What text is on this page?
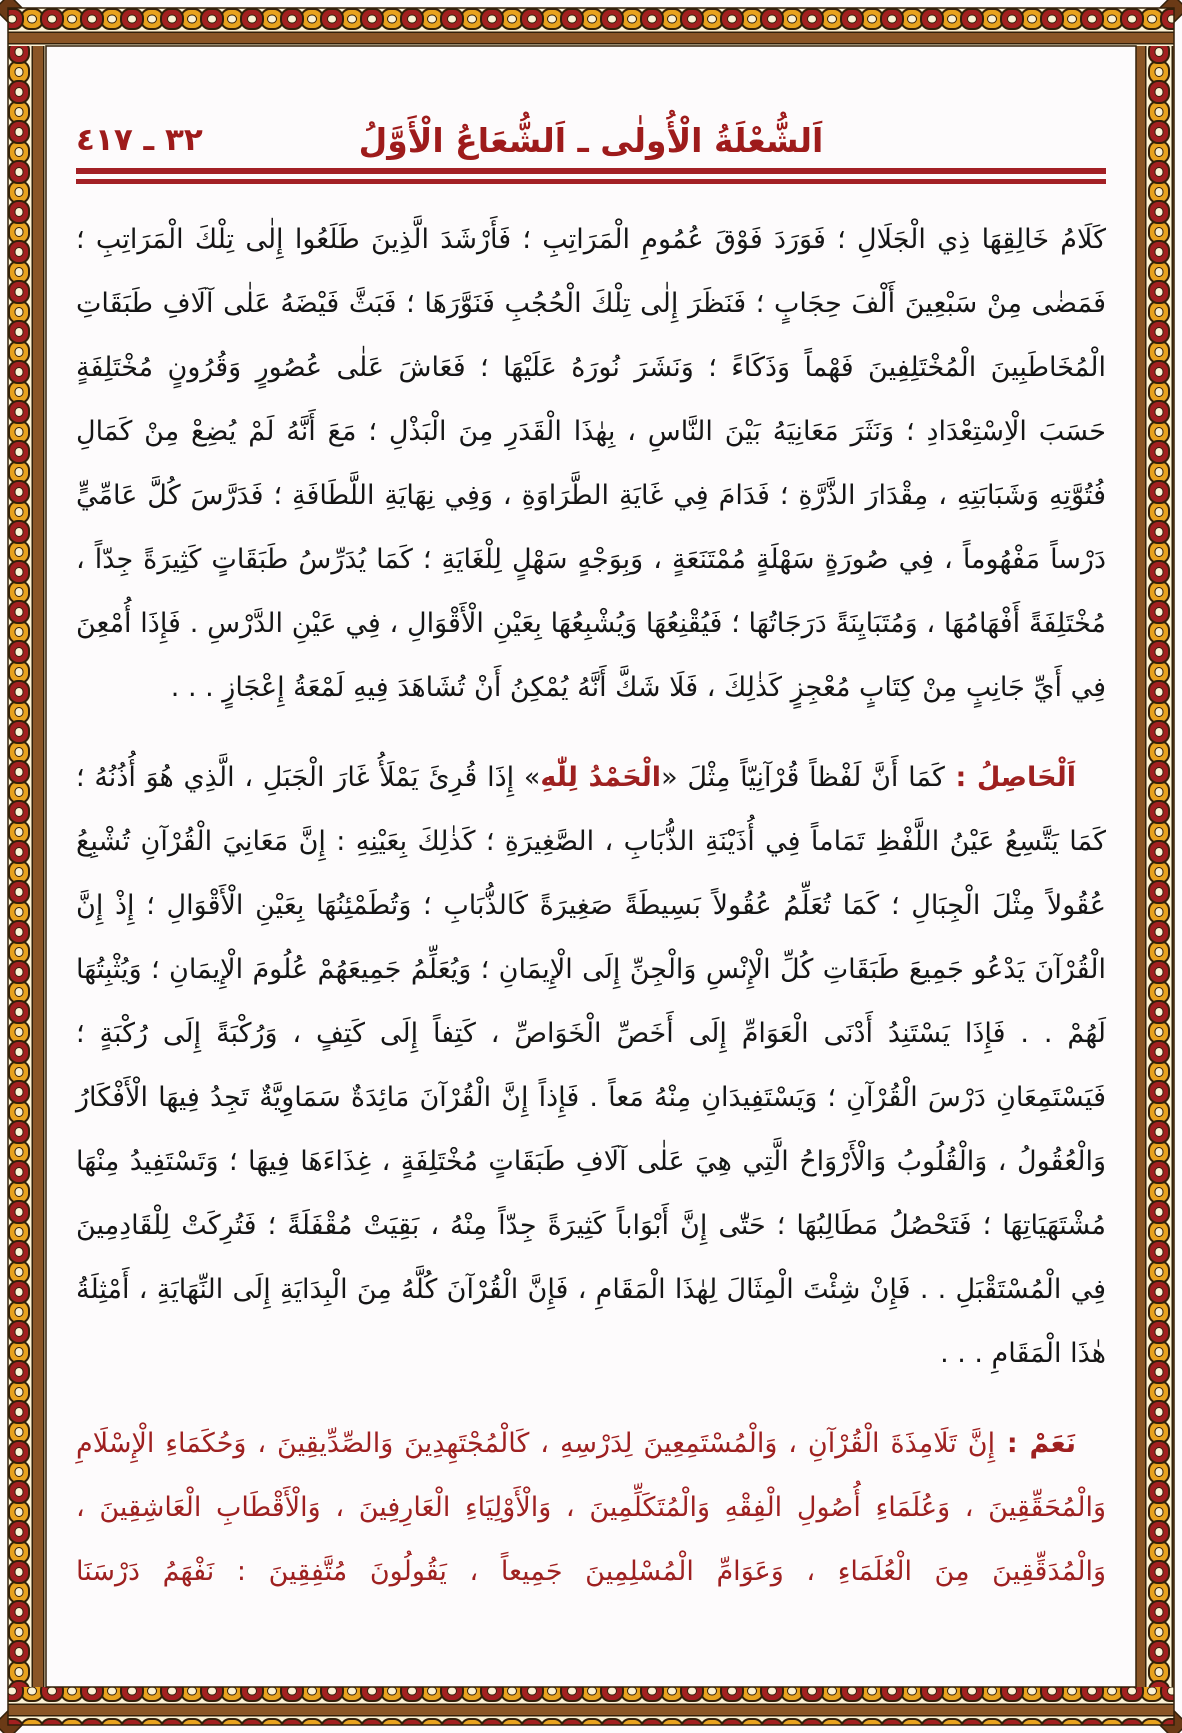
٣٢ ـ ٤١٧	اَلشُّعْلَةُ الْأُولٰى ـ اَلشُّعَاعُ الْأَوَّلُ

كَلَامُ خَالِقِهَا ذِي الْجَلَالِ ؛ فَوَرَدَ فَوْقَ عُمُومِ الْمَرَاتِبِ ؛ فَأَرْشَدَ الَّذِينَ طَلَعُوا إِلٰى تِلْكَ الْمَرَاتِبِ ؛ فَمَضٰى مِنْ سَبْعِينَ أَلْفَ حِجَابٍ ؛ فَنَظَرَ إِلٰى تِلْكَ الْحُجُبِ فَنَوَّرَهَا ؛ فَبَثَّ فَيْضَهُ عَلٰى آلَافِ طَبَقَاتِ الْمُخَاطَبِينَ الْمُخْتَلِفِينَ فَهْماً وَذَكَاءً ؛ وَنَشَرَ نُورَهُ عَلَيْهَا ؛ فَعَاشَ عَلٰى عُصُورٍ وَقُرُونٍ مُخْتَلِفَةٍ حَسَبَ الْاِسْتِعْدَادِ ؛ وَنَثَرَ مَعَانِيَهُ بَيْنَ النَّاسِ ، بِهٰذَا الْقَدَرِ مِنَ الْبَذْلِ ؛ مَعَ أَنَّهُ لَمْ يُضِعْ مِنْ كَمَالِ فُتُوَّتِهِ وَشَبَابَتِهِ ، مِقْدَارَ الذَّرَّةِ ؛ فَدَامَ فِي غَايَةِ الطَّرَاوَةِ ، وَفِي نِهَايَةِ اللَّطَافَةِ ؛ فَدَرَّسَ كُلَّ عَامِّيٍّ دَرْساً مَفْهُوماً ، فِي صُورَةٍ سَهْلَةٍ مُمْتَنَعَةٍ ، وَبِوَجْهٍ سَهْلٍ لِلْغَايَةِ ؛ كَمَا يُدَرِّسُ طَبَقَاتٍ كَثِيرَةً جِدّاً ، مُخْتَلِفَةً أَفْهَامُهَا ، وَمُتَبَايِنَةً دَرَجَاتُهَا ؛ فَيُقْنِعُهَا وَيُشْبِعُهَا بِعَيْنِ الْأَقْوَالِ ، فِي عَيْنِ الدَّرْسِ . فَإِذَا أُمْعِنَ فِي أَيِّ جَانِبٍ مِنْ كِتَابٍ مُعْجِزٍ كَذٰلِكَ ، فَلَا شَكَّ أَنَّهُ يُمْكِنُ أَنْ تُشَاهَدَ فِيهِ لَمْعَةُ إِعْجَازٍ . . .

اَلْحَاصِلُ : كَمَا أَنَّ لَفْظاً قُرْآنِيّاً مِثْلَ «الْحَمْدُ لِلّٰهِ» إِذَا قُرِئَ يَمْلَأُ غَارَ الْجَبَلِ ، الَّذِي هُوَ أُذُنُهُ ؛ كَمَا يَتَّسِعُ عَيْنُ اللَّفْظِ تَمَاماً فِي أُذَيْنَةِ الذُّبَابِ ، الصَّغِيرَةِ ؛ كَذٰلِكَ بِعَيْنِهِ : إِنَّ مَعَانِيَ الْقُرْآنِ تُشْبِعُ عُقُولاً مِثْلَ الْجِبَالِ ؛ كَمَا تُعَلِّمُ عُقُولاً بَسِيطَةً صَغِيرَةً كَالذُّبَابِ ؛ وَتُطَمْئِنُهَا بِعَيْنِ الْأَقْوَالِ ؛ إِذْ إِنَّ الْقُرْآنَ يَدْعُو جَمِيعَ طَبَقَاتِ كُلِّ الْإِنْسِ وَالْجِنِّ إِلَى الْإِيمَانِ ؛ وَيُعَلِّمُ جَمِيعَهُمْ عُلُومَ الْإِيمَانِ ؛ وَيُثْبِتُهَا لَهُمْ . . فَإِذَا يَسْتَنِدُ أَدْنَى الْعَوَامِّ إِلَى أَخَصِّ الْخَوَاصِّ ، كَتِفاً إِلَى كَتِفٍ ، وَرُكْبَةً إِلَى رُكْبَةٍ ؛ فَيَسْتَمِعَانِ دَرْسَ الْقُرْآنِ ؛ وَيَسْتَفِيدَانِ مِنْهُ مَعاً . فَإِذاً إِنَّ الْقُرْآنَ مَائِدَةٌ سَمَاوِيَّةٌ تَجِدُ فِيهَا الْأَفْكَارُ وَالْعُقُولُ ، وَالْقُلُوبُ وَالْأَرْوَاحُ الَّتِي هِيَ عَلٰى آلَافِ طَبَقَاتٍ مُخْتَلِفَةٍ ، غِذَاءَهَا فِيهَا ؛ وَتَسْتَفِيدُ مِنْهَا مُشْتَهَيَاتِهَا ؛ فَتَحْصُلُ مَطَالِبُهَا ؛ حَتّٰى إِنَّ أَبْوَاباً كَثِيرَةً جِدّاً مِنْهُ ، بَقِيَتْ مُقْفَلَةً ؛ فَتُرِكَتْ لِلْقَادِمِينَ فِي الْمُسْتَقْبَلِ . . فَإِنْ شِئْتَ الْمِثَالَ لِهٰذَا الْمَقَامِ ، فَإِنَّ الْقُرْآنَ كُلَّهُ مِنَ الْبِدَايَةِ إِلَى النِّهَايَةِ ، أَمْثِلَةُ هٰذَا الْمَقَامِ . . .

نَعَمْ : إِنَّ تَلَامِذَةَ الْقُرْآنِ ، وَالْمُسْتَمِعِينَ لِدَرْسِهِ ، كَالْمُجْتَهِدِينَ وَالصِّدِّيقِينَ ، وَحُكَمَاءِ الْإِسْلَامِ وَالْمُحَقِّقِينَ ، وَعُلَمَاءِ أُصُولِ الْفِقْهِ وَالْمُتَكَلِّمِينَ ، وَالْأَوْلِيَاءِ الْعَارِفِينَ ، وَالْأَقْطَابِ الْعَاشِقِينَ ، وَالْمُدَقِّقِينَ مِنَ الْعُلَمَاءِ ، وَعَوَامِّ الْمُسْلِمِينَ جَمِيعاً ، يَقُولُونَ مُتَّفِقِينَ : نَفْهَمُ دَرْسَنَا
